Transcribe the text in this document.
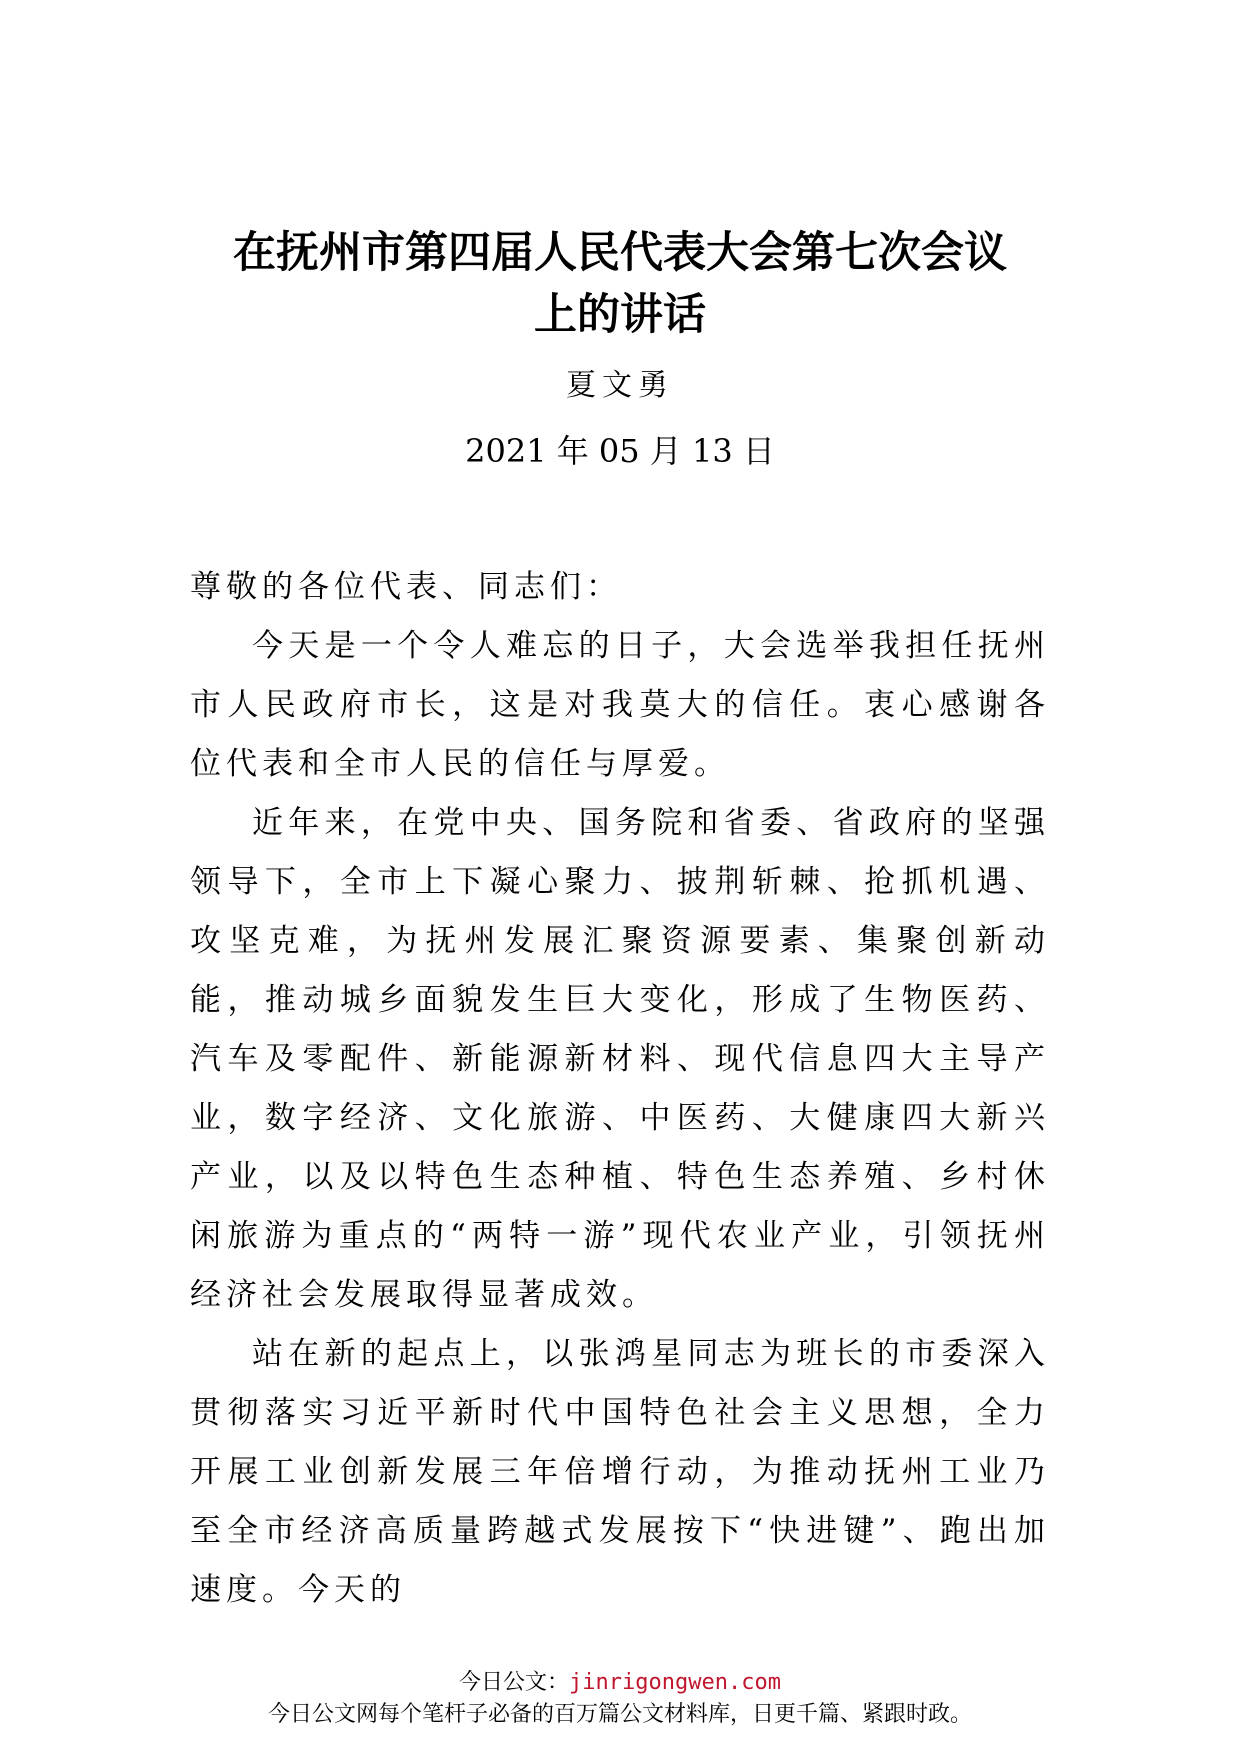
在抚州市第四届人民代表大会第七次会议
上的讲话
夏文勇
2021 年 05 月 13 日

尊敬的各位代表、同志们：

今天是一个令人难忘的日子，大会选举我担任抚州市人民政府市长，这是对我莫大的信任。衷心感谢各位代表和全市人民的信任与厚爱。

近年来，在党中央、国务院和省委、省政府的坚强领导下，全市上下凝心聚力、披荆斩棘、抢抓机遇、攻坚克难，为抚州发展汇聚资源要素、集聚创新动能，推动城乡面貌发生巨大变化，形成了生物医药、汽车及零配件、新能源新材料、现代信息四大主导产业，数字经济、文化旅游、中医药、大健康四大新兴产业，以及以特色生态种植、特色生态养殖、乡村休闲旅游为重点的“两特一游”现代农业产业，引领抚州经济社会发展取得显著成效。

站在新的起点上，以张鸿星同志为班长的市委深入贯彻落实习近平新时代中国特色社会主义思想，全力开展工业创新发展三年倍增行动，为推动抚州工业乃至全市经济高质量跨越式发展按下“快进键”、跑出加速度。今天的

今日公文：jinrigongwen.com
今日公文网每个笔杆子必备的百万篇公文材料库，日更千篇、紧跟时政。
